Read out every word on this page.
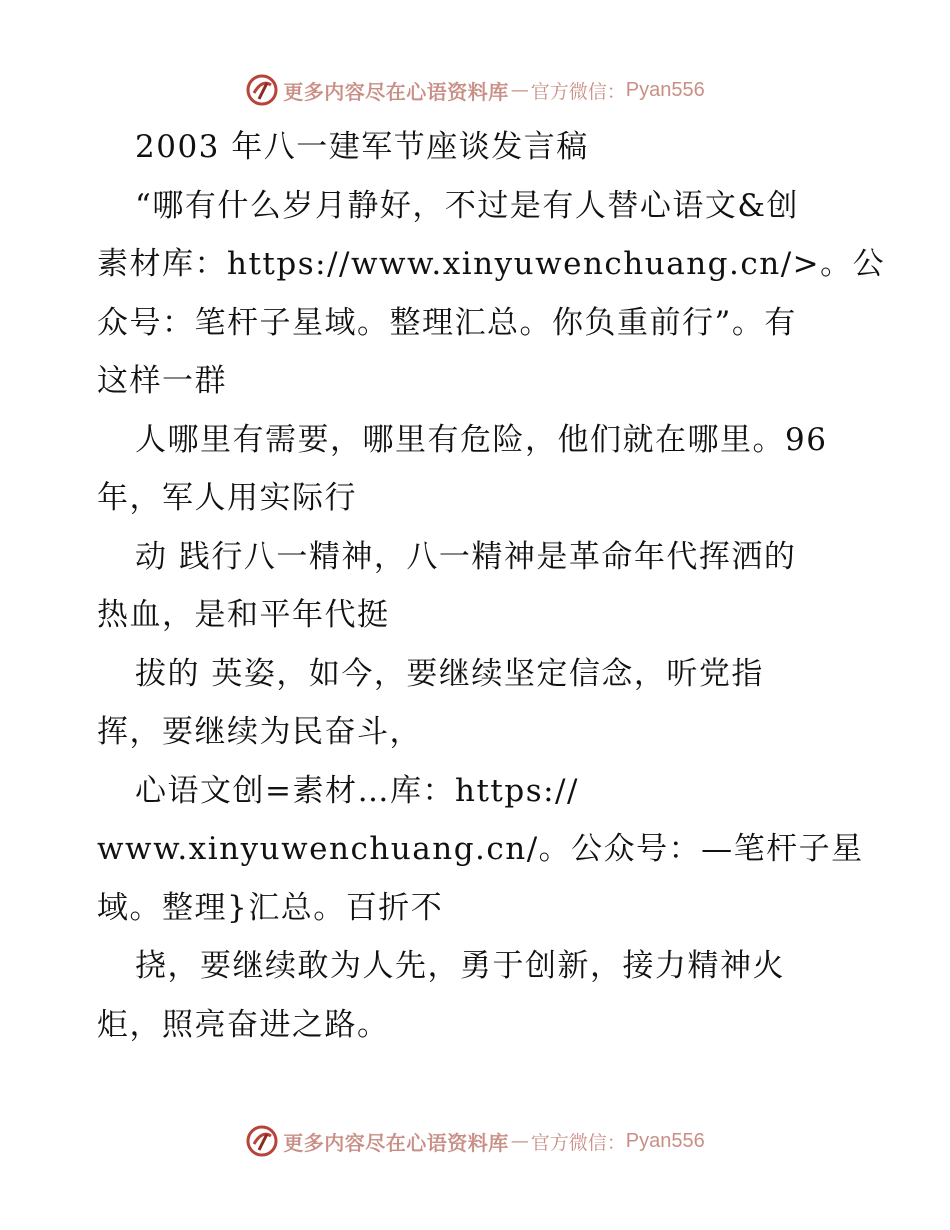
更多内容尽在心语资料库 — 官方微信： Pyan556
2003 年八一建军节座谈发言稿
“哪有什么岁月静好，不过是有人替心语文&创
素材库：https://www.xinyuwenchuang.cn/>。公
众号：笔杆子星域。整理汇总。你负重前行”。有
这样一群
人哪里有需要，哪里有危险，他们就在哪里。96
年，军人用实际行
动 践行八一精神，八一精神是革命年代挥洒的
热血，是和平年代挺
拔的 英姿，如今，要继续坚定信念，听党指
挥，要继续为民奋斗，
心语文创=素材…库：https://
www.xinyuwenchuang.cn/。公众号：—笔杆子星
域。整理}汇总。百折不
挠，要继续敢为人先，勇于创新，接力精神火
炬，照亮奋进之路。
更多内容尽在心语资料库 — 官方微信： Pyan556
